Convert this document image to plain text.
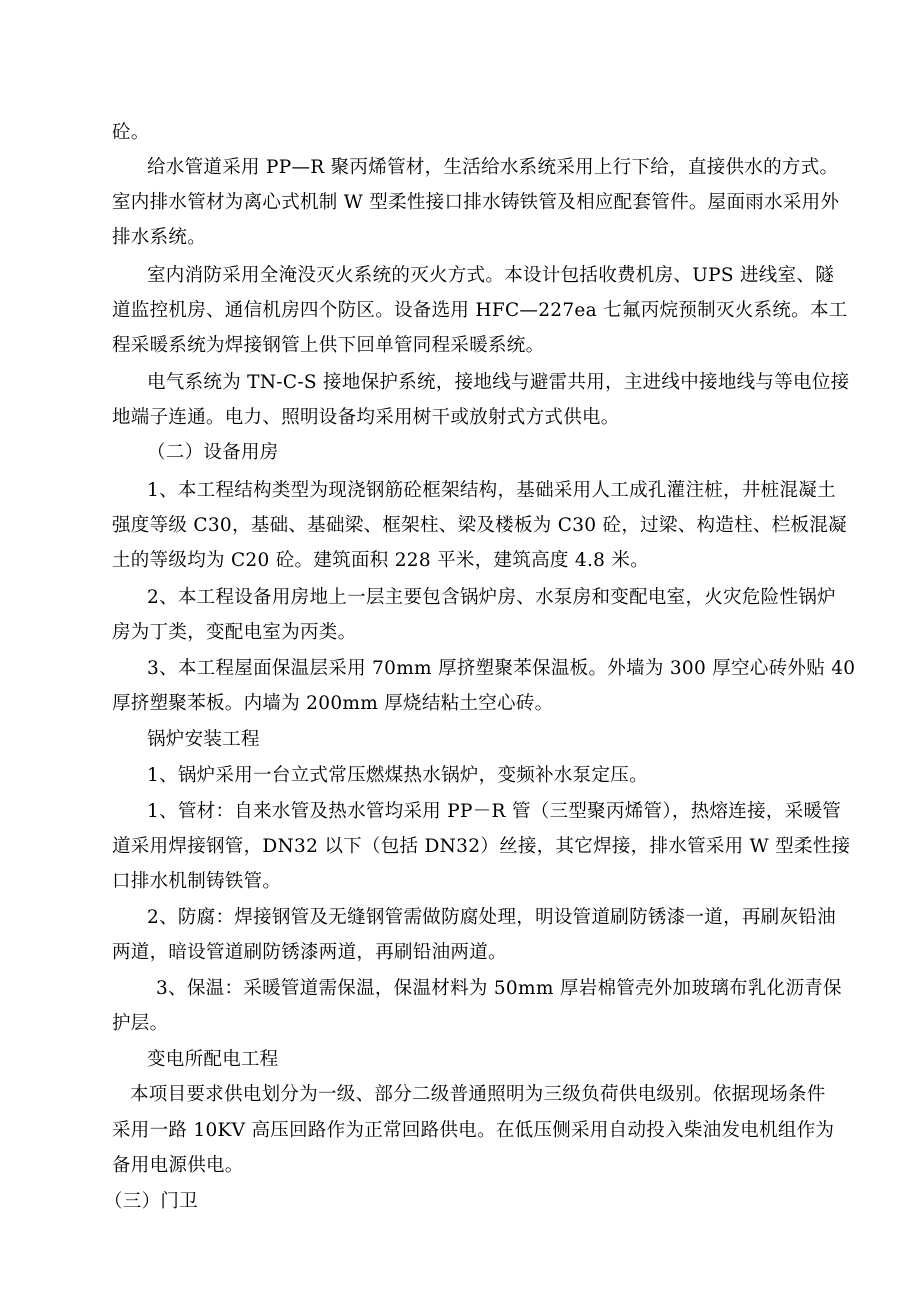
砼。
给水管道采用 PP—R 聚丙烯管材，生活给水系统采用上行下给，直接供水的方式。
室内排水管材为离心式机制 W 型柔性接口排水铸铁管及相应配套管件。屋面雨水采用外
排水系统。
室内消防采用全淹没灭火系统的灭火方式。本设计包括收费机房、UPS 进线室、隧
道监控机房、通信机房四个防区。设备选用 HFC—227ea 七氟丙烷预制灭火系统。本工
程采暖系统为焊接钢管上供下回单管同程采暖系统。
电气系统为 TN-C-S 接地保护系统，接地线与避雷共用，主进线中接地线与等电位接
地端子连通。电力、照明设备均采用树干或放射式方式供电。
（二）设备用房
1、本工程结构类型为现浇钢筋砼框架结构，基础采用人工成孔灌注桩，井桩混凝土
强度等级 C30，基础、基础梁、框架柱、梁及楼板为 C30 砼，过梁、构造柱、栏板混凝
土的等级均为 C20 砼。建筑面积 228 平米，建筑高度 4.8 米。
2、本工程设备用房地上一层主要包含锅炉房、水泵房和变配电室，火灾危险性锅炉
房为丁类，变配电室为丙类。
3、本工程屋面保温层采用 70mm 厚挤塑聚苯保温板。外墙为 300 厚空心砖外贴 40
厚挤塑聚苯板。内墙为 200mm 厚烧结粘土空心砖。
锅炉安装工程
1、锅炉采用一台立式常压燃煤热水锅炉，变频补水泵定压。
1、管材：自来水管及热水管均采用 PP－R 管（三型聚丙烯管），热熔连接，采暖管
道采用焊接钢管，DN32 以下（包括 DN32）丝接，其它焊接，排水管采用 W 型柔性接
口排水机制铸铁管。
2、防腐：焊接钢管及无缝钢管需做防腐处理，明设管道刷防锈漆一道，再刷灰铅油
两道，暗设管道刷防锈漆两道，再刷铅油两道。
3、保温：采暖管道需保温，保温材料为 50mm 厚岩棉管壳外加玻璃布乳化沥青保
护层。
变电所配电工程
本项目要求供电划分为一级、部分二级普通照明为三级负荷供电级别。依据现场条件
采用一路 10KV 高压回路作为正常回路供电。在低压侧采用自动投入柴油发电机组作为
备用电源供电。
（三）门卫
